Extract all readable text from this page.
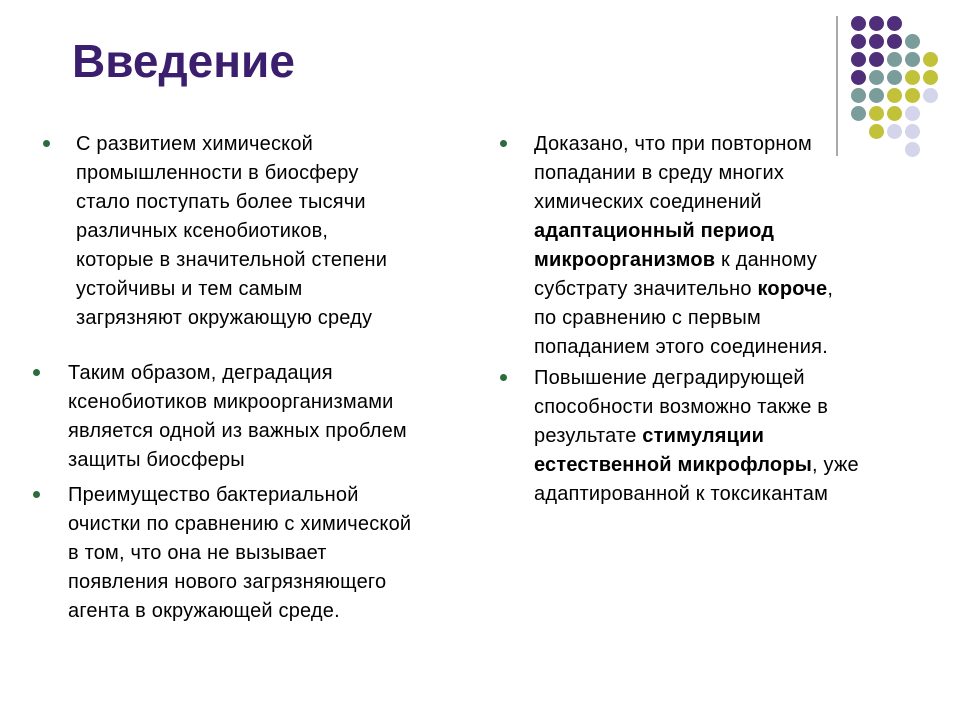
Введение
С развитием химической
промышленности в биосферу
стало поступать более тысячи
различных ксенобиотиков,
которые в значительной степени
устойчивы и тем самым
загрязняют окружающую среду
Таким образом, деградация
ксенобиотиков микроорганизмами
является одной из важных проблем
защиты биосферы
Преимущество бактериальной
очистки по сравнению с химической
в том, что она не вызывает
появления нового загрязняющего
агента в окружающей среде.
Доказано, что при повторном
попадании в среду многих
химических соединений
адаптационный период
микроорганизмов к данному
субстрату значительно короче,
по сравнению с первым
попаданием этого соединения.
Повышение деградирующей
способности возможно также в
результате стимуляции
естественной микрофлоры, уже
адаптированной к токсикантам
